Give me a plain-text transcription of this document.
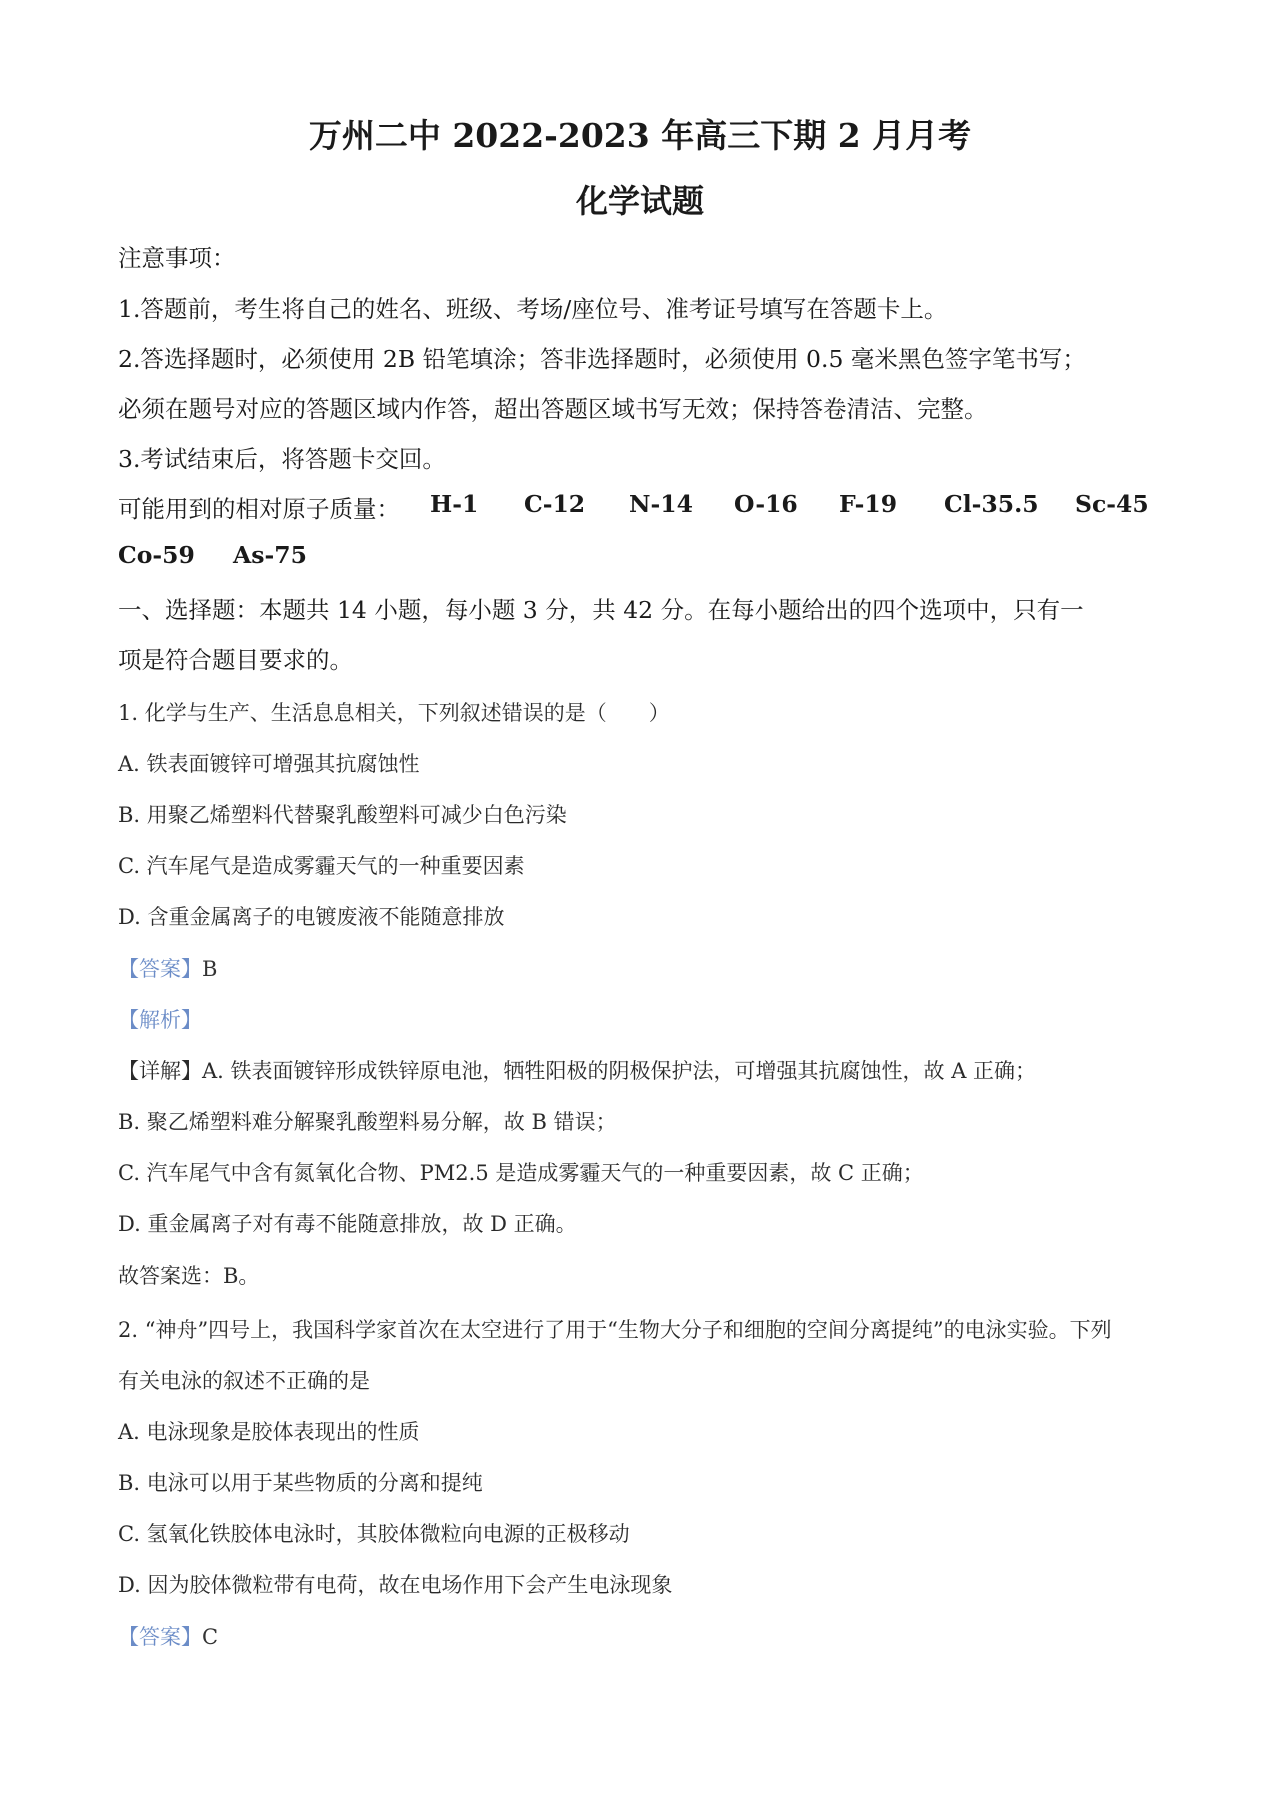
万州二中 2022-2023 年高三下期 2 月月考
化学试题
注意事项：
1.答题前，考生将自己的姓名、班级、考场/座位号、准考证号填写在答题卡上。
2.答选择题时，必须使用 2B 铅笔填涂；答非选择题时，必须使用 0.5 毫米黑色签字笔书写；
必须在题号对应的答题区域内作答，超出答题区域书写无效；保持答卷清洁、完整。
3.考试结束后，将答题卡交回。
可能用到的相对原子质量： H-1 C-12 N-14 O-16 F-19 Cl-35.5 Sc-45
Co-59 As-75
一、选择题：本题共 14 小题，每小题 3 分，共 42 分。在每小题给出的四个选项中，只有一
项是符合题目要求的。
1. 化学与生产、生活息息相关，下列叙述错误的是（　　）
A. 铁表面镀锌可增强其抗腐蚀性
B. 用聚乙烯塑料代替聚乳酸塑料可减少白色污染
C. 汽车尾气是造成雾霾天气的一种重要因素
D. 含重金属离子的电镀废液不能随意排放
【答案】B
【解析】
【详解】A. 铁表面镀锌形成铁锌原电池，牺牲阳极的阴极保护法，可增强其抗腐蚀性，故 A 正确；
B. 聚乙烯塑料难分解聚乳酸塑料易分解，故 B 错误；
C. 汽车尾气中含有氮氧化合物、PM2.5 是造成雾霾天气的一种重要因素，故 C 正确；
D. 重金属离子对有毒不能随意排放，故 D 正确。
故答案选：B。
2. “神舟”四号上，我国科学家首次在太空进行了用于“生物大分子和细胞的空间分离提纯”的电泳实验。下列
有关电泳的叙述不正确的是
A. 电泳现象是胶体表现出的性质
B. 电泳可以用于某些物质的分离和提纯
C. 氢氧化铁胶体电泳时，其胶体微粒向电源的正极移动
D. 因为胶体微粒带有电荷，故在电场作用下会产生电泳现象
【答案】C
